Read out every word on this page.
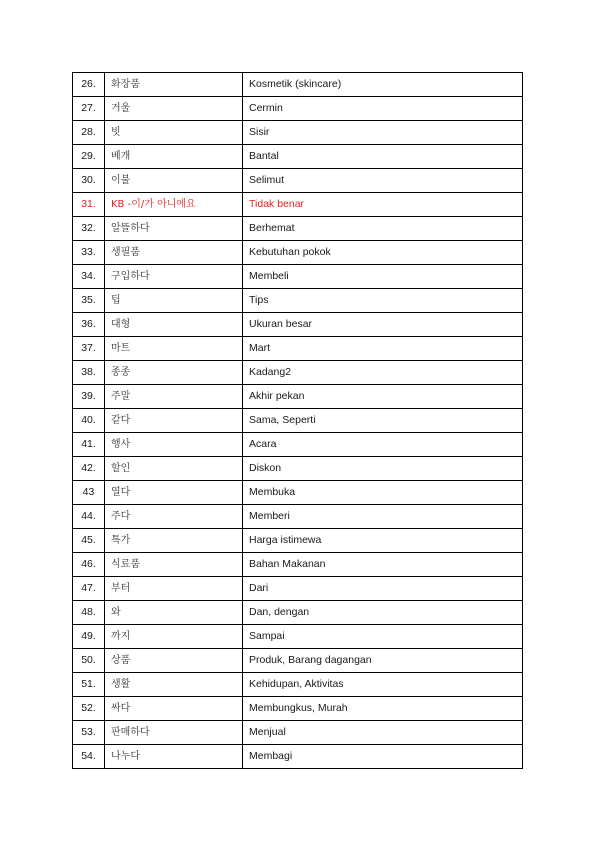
26.	화장품	Kosmetik (skincare)
27.	거울	Cermin
28.	빗	Sisir
29.	베개	Bantal
30.	이불	Selimut
31.	KB -이/가 아니에요	Tidak benar
32.	알뜰하다	Berhemat
33.	생필품	Kebutuhan pokok
34.	구입하다	Membeli
35.	팁	Tips
36.	대형	Ukuran besar
37.	마트	Mart
38.	종종	Kadang2
39.	주말	Akhir pekan
40.	같다	Sama, Seperti
41.	행사	Acara
42.	할인	Diskon
43	열다	Membuka
44.	주다	Memberi
45.	특가	Harga istimewa
46.	식료품	Bahan Makanan
47.	부터	Dari
48.	와	Dan, dengan
49.	까지	Sampai
50.	상품	Produk, Barang dagangan
51.	생활	Kehidupan, Aktivitas
52.	싸다	Membungkus, Murah
53.	판매하다	Menjual
54.	나누다	Membagi
